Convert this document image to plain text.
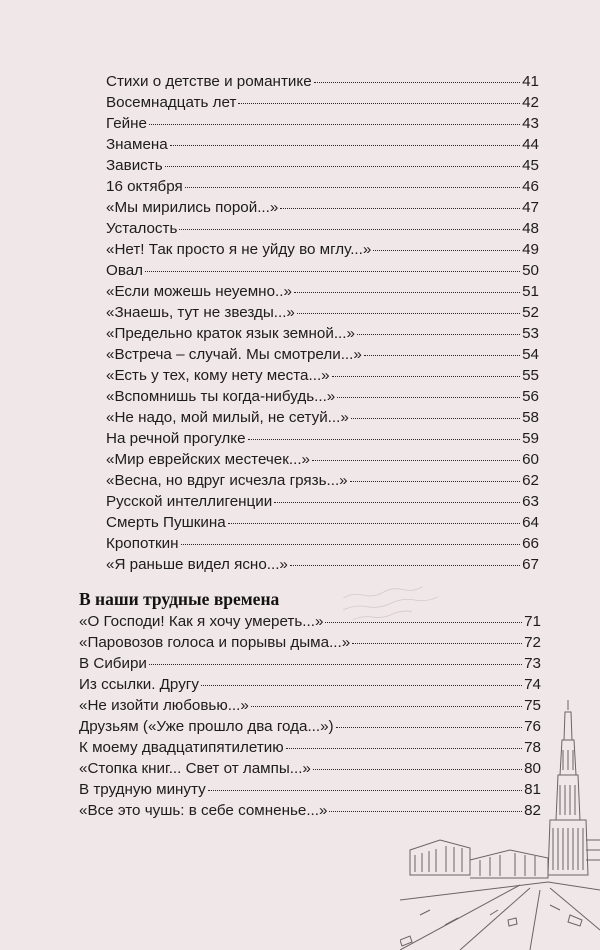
Стихи о детстве и романтике	41
Восемнадцать лет	42
Гейне	43
Знамена	44
Зависть	45
16 октября	46
«Мы мирились порой...»	47
Усталость	48
«Нет! Так просто я не уйду во мглу...»	49
Овал	50
«Если можешь неуемно..»	51
«Знаешь, тут не звезды...»	52
«Предельно краток язык земной...»	53
«Встреча – случай. Мы смотрели...»	54
«Есть у тех, кому нету места...»	55
«Вспомнишь ты когда-нибудь...»	56
«Не надо, мой милый, не сетуй...»	58
На речной прогулке	59
«Мир еврейских местечек...»	60
«Весна, но вдруг исчезла грязь...»	62
Русской интеллигенции	63
Смерть Пушкина	64
Кропоткин	66
«Я раньше видел ясно...»	67
В наши трудные времена
«О Господи! Как я хочу умереть...»	71
«Паровозов голоса и порывы дыма...»	72
В Сибири	73
Из ссылки. Другу	74
«Не изойти любовью...»	75
Друзьям («Уже прошло два года...»)	76
К моему двадцатипятилетию	78
«Стопка книг... Свет от лампы...»	80
В трудную минуту	81
«Все это чушь: в себе сомненье...»	82
